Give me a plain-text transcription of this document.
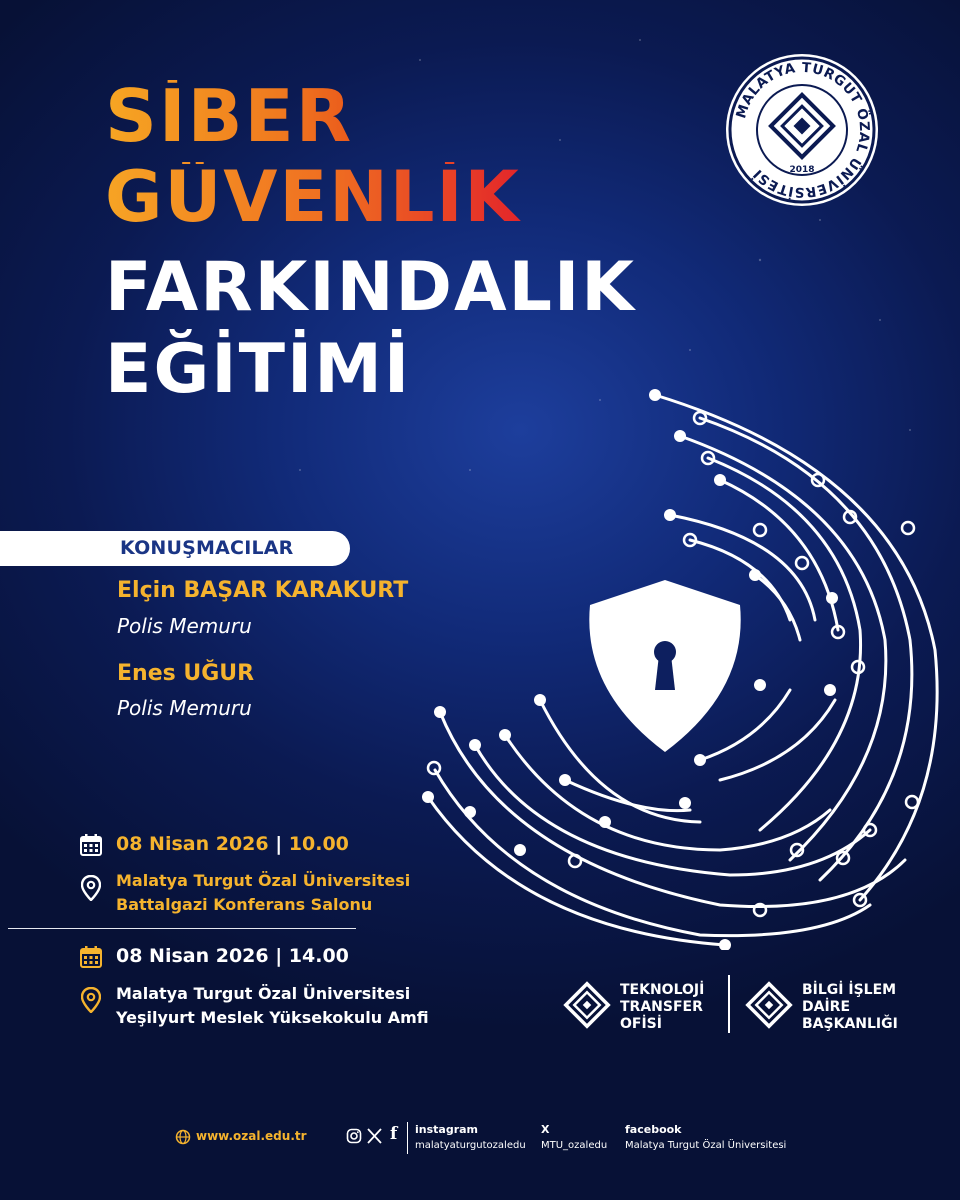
SİBER
GÜVENLİK
FARKINDALIK
EĞİTİMİ
MALATYA TURGUT ÖZAL ÜNİVERSİTESİ	2018
KONUŞMACILAR
Elçin BAŞAR KARAKURT
Polis Memuru
Enes UĞUR
Polis Memuru
08 Nisan 2026 | 10.00
Malatya Turgut Özal Üniversitesi
Battalgazi Konferans Salonu
08 Nisan 2026 | 14.00
Malatya Turgut Özal Üniversitesi
Yeşilyurt Meslek Yüksekokulu Amfi
TEKNOLOJİ
TRANSFER
OFİSİ
BİLGİ İŞLEM
DAİRE
BAŞKANLIĞI
www.ozal.edu.tr	f instagram
malatyaturgutozaledu
X
MTU_ozaledu
facebook
Malatya Turgut Özal Üniversitesi
